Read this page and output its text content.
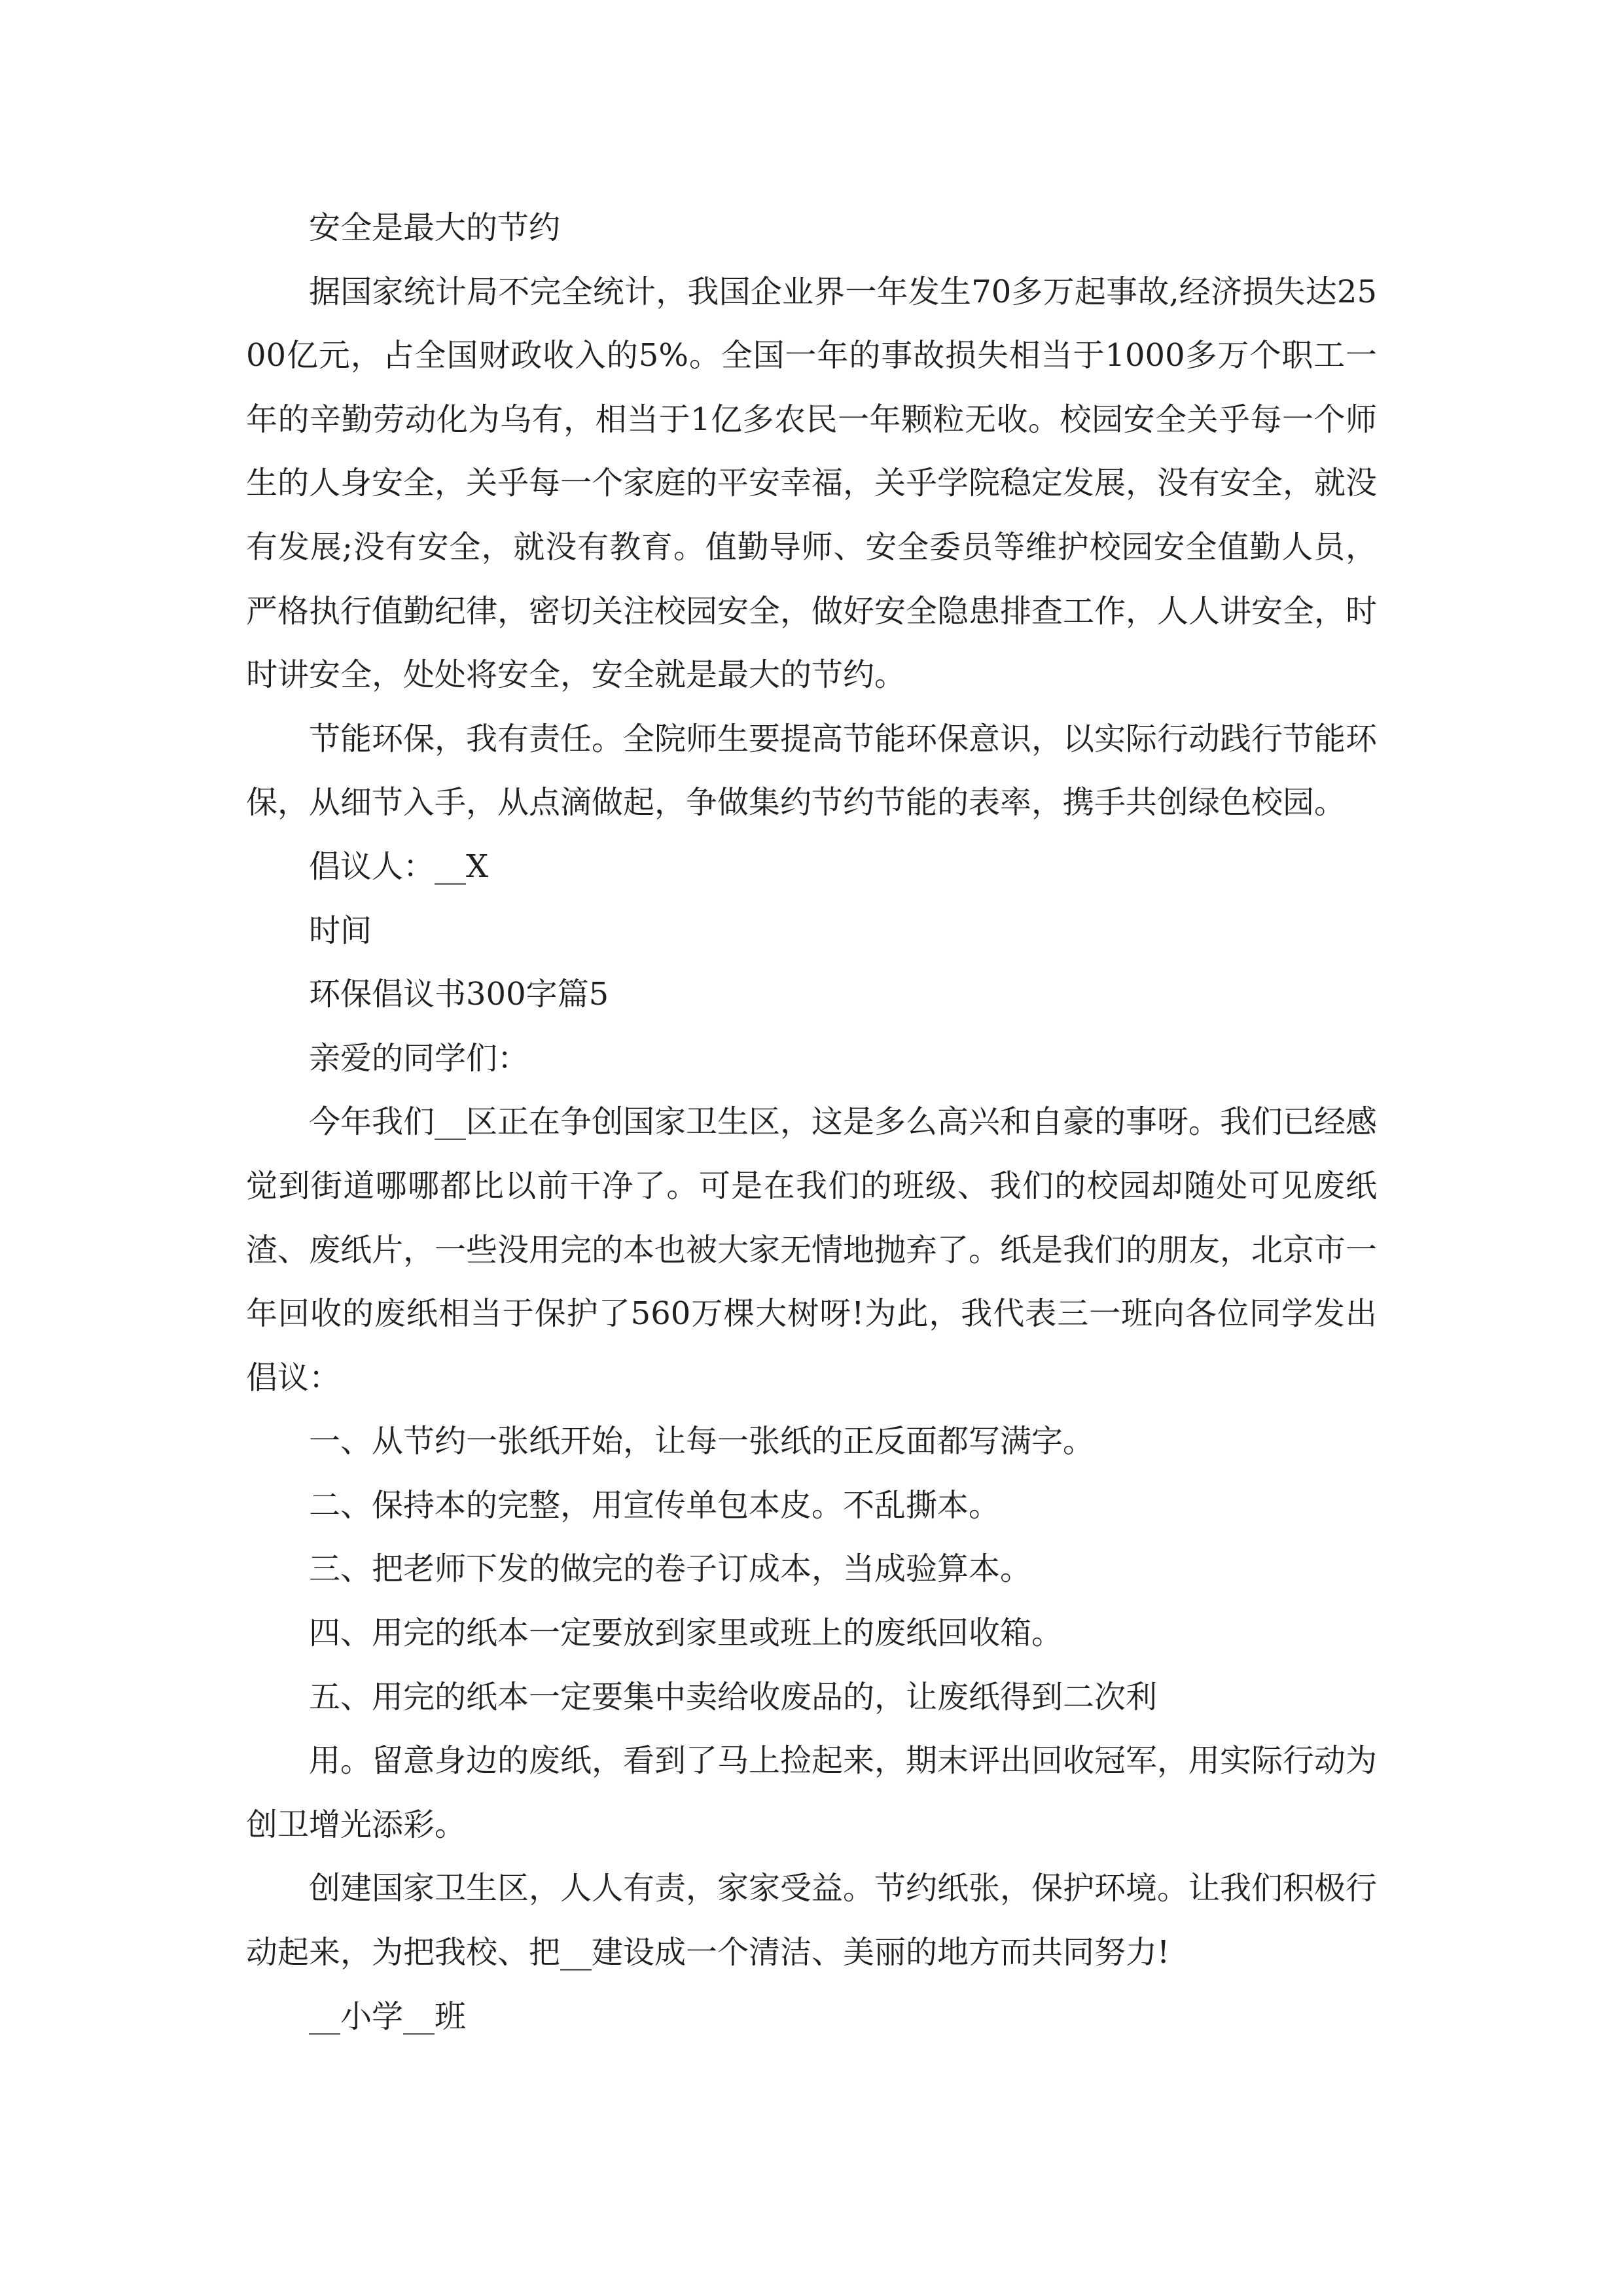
安全是最大的节约

据国家统计局不完全统计，我国企业界一年发生70多万起事故,经济损失达2500亿元，占全国财政收入的5%。全国一年的事故损失相当于1000多万个职工一年的辛勤劳动化为乌有，相当于1亿多农民一年颗粒无收。校园安全关乎每一个师生的人身安全，关乎每一个家庭的平安幸福，关乎学院稳定发展，没有安全，就没有发展;没有安全，就没有教育。值勤导师、安全委员等维护校园安全值勤人员，严格执行值勤纪律，密切关注校园安全，做好安全隐患排查工作，人人讲安全，时时讲安全，处处将安全，安全就是最大的节约。

节能环保，我有责任。全院师生要提高节能环保意识，以实际行动践行节能环保，从细节入手，从点滴做起，争做集约节约节能的表率，携手共创绿色校园。

倡议人：__X

时间

环保倡议书300字篇5

亲爱的同学们：

今年我们__区正在争创国家卫生区，这是多么高兴和自豪的事呀。我们已经感觉到街道哪哪都比以前干净了。可是在我们的班级、我们的校园却随处可见废纸渣、废纸片，一些没用完的本也被大家无情地抛弃了。纸是我们的朋友，北京市一年回收的废纸相当于保护了560万棵大树呀!为此，我代表三一班向各位同学发出倡议：

一、从节约一张纸开始，让每一张纸的正反面都写满字。

二、保持本的完整，用宣传单包本皮。不乱撕本。

三、把老师下发的做完的卷子订成本，当成验算本。

四、用完的纸本一定要放到家里或班上的废纸回收箱。

五、用完的纸本一定要集中卖给收废品的，让废纸得到二次利

用。留意身边的废纸，看到了马上捡起来，期末评出回收冠军，用实际行动为创卫增光添彩。

创建国家卫生区，人人有责，家家受益。节约纸张，保护环境。让我们积极行动起来，为把我校、把__建设成一个清洁、美丽的地方而共同努力!

__小学__班
